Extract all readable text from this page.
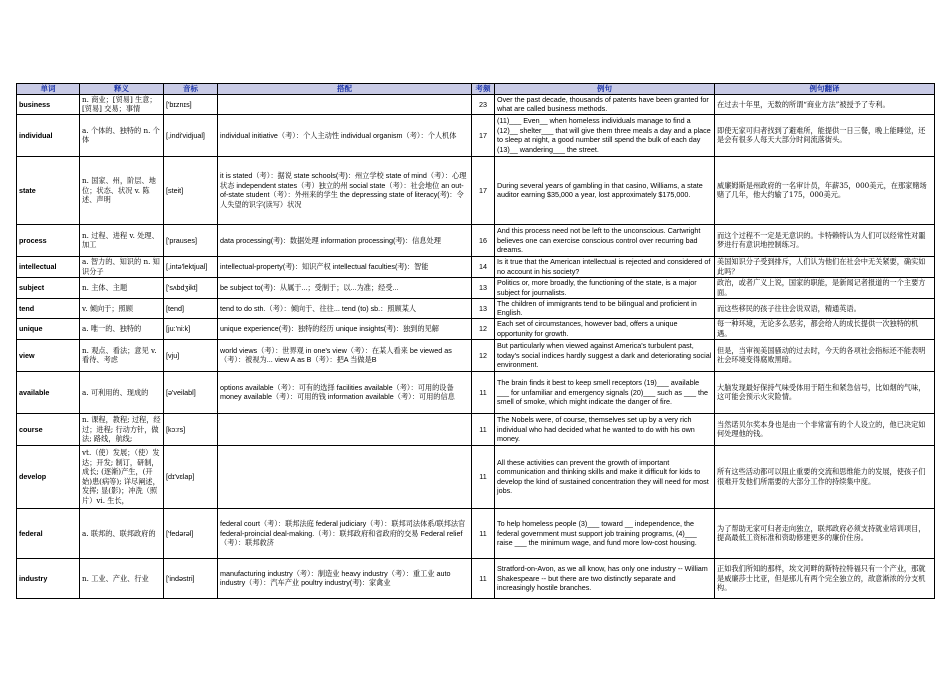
单词	释义	音标	搭配	考频	例句	例句翻译
business	n. 商业；[贸易] 生意；[贸易] 交易；事情	['bɪznɪs]		23	Over the past decade, thousands of patents have been granted for what are called business methods.	在过去十年里，无数的所谓“商业方法”被授予了专利。
individual	a. 个体的、独特的 n. 个体	[,indi'vidjual]	individual initiative（考）：个人主动性 individual organism（考）：个人机体	17	(11)___ Even__ when homeless individuals manage to find a (12)__ shelter___ that will give them three meals a day and a place to sleep at night, a good number still spend the bulk of each day (13)__ wandering___ the street.	即使无家可归者找到了避难所，能提供一日三餐，晚上能睡觉，还是会有很多人每天大部分时间流落街头。
state	n. 国家、州，阶层、地位；状态、状况 v. 陈述、声明	[steit]	it is stated（考）：据说 state schools(考)：州立学校 state of mind（考）：心理状态 independent states（考）独立的州 social state（考）：社会地位 an out-of-state student（考）：外州来的学生 the depressing state of literacy(考)：令人失望的识字(读写）状况	17	During several years of gambling in that casino, Williams, a state auditor earning $35,000 a year, lost approximately $175,000.	威廉姆斯是州政府的一名审计员，年薪35，000美元，在那家赌场赌了几年，他大约输了175，000美元。
process	n. 过程、进程 v. 处理、加工	['prauses]	data processing(考)：数据处理 information processing(考)：信息处理	16	And this process need not be left to the unconscious. Cartwright believes one can exercise conscious control over recurring bad dreams.	而这个过程不一定是无意识的。卡特赖特认为人们可以经常性对噩梦进行有意识地控制练习。
intellectual	a. 智力的、知识的 n. 知识分子	[,intə'lektjual]	intellectual-property(考)：知识产权 intellectual faculties(考)：智能	14	Is it true that the American intellectual is rejected and considered of no account in his society?	美国知识分子受到排斥，人们认为他们在社会中无关紧要，确实如此吗？
subject	n. 主体、主题	['sʌbdʒikt]	be subject to(考)：从属于...；受制于；以...为准；经受...	13	Politics or, more broadly, the functioning of the state, is a major subject for journalists.	政治，或者广义上说，国家的职能，是新闻记者报道的一个主要方面。
tend	v. 倾向于；照顾	[tend]	tend to do sth.（考）：倾向于、往往... tend (to) sb.：照顾某人	13	The children of immigrants tend to be bilingual and proficient in English.	而这些移民的孩子往往会说双语，精通英语。
unique	a. 唯一的、独特的	[ju:'ni:k]	unique experience(考)：独特的经历 unique insights(考)：独到的见解	12	Each set of circumstances, however bad, offers a unique opportunity for growth.	每一种环境，无论多么恶劣，都会给人的成长提供一次独特的机遇。
view	n. 观点、看法；意见 v. 看待、考虑	[vju]	world views（考）：世界观 in one's view（考）：在某人看来 be viewed as（考）：被视为... view A as B（考）：把A 当做是B	12	But particularly when viewed against America's turbulent past, today's social indices hardly suggest a dark and deteriorating social environment.	但是，当审视美国骚动的过去时，今天的各项社会指标还不能表明社会环境变得腐败黑暗。
available	a. 可利用的、现成的	[ə'veilabl]	options available（考）：可有的选择 facilities available（考）：可用的设备 money available（考）：可用的钱 information available（考）：可用的信息	11	The brain finds it best to keep smell receptors (19)___ available ___ for unfamiliar and emergency signals (20)___ such as ___ the smell of smoke, which might indicate the danger of fire.	大脑发现最好保持气味受体用于陌生和紧急信号，比如烟的气味，这可能会预示火灾险情。
course	n. 课程，教程; 过程，经过；进程; 行动方针，做法; 路线，航线;	[kɔ:rs]		11	The Nobels were, of course, themselves set up by a very rich individual who had decided what he wanted to do with his own money.	当然诺贝尔奖本身也是由一个非常富有的个人设立的，他已决定如何处理他的钱。
develop	vt.（使）发展；（使）发达；开发; 制订，研制，成长; (逐渐)产生，(开始)患(病等); 详尽阐述，发挥; 显(影)；冲洗（照片）vi. 生长，	[dɪ'vɛlap]		11	All these activities can prevent the growth of important communication and thinking skills and make it difficult for kids to develop the kind of sustained concentration they will need for most jobs.	所有这些活动都可以阻止重要的交流和思维能力的发展，使孩子们很难开发他们所需要的大部分工作的持续集中度。
federal	a. 联邦的、联邦政府的	['fedərəl]	federal court（考）：联邦法庭 federal judiciary（考）：联邦司法体系/联邦法官 federal-proincial deal-making.（考）：联邦政府和省政府的交易 Federal relief（考）：联邦救济	11	To help homeless people (3)___ toward __ independence, the federal government must support job training programs, (4)___ raise ___ the minimum wage, and fund more low-cost housing.	为了帮助无家可归者走向独立，联邦政府必须支持就业培训项目，提高最低工资标准和资助修建更多的廉价住房。
industry	n. 工业、产业、行业	['indəstri]	manufacturing industry（考）：制造业 heavy industry（考）：重工业 auto industry（考）：汽车产业 poultry industry(考)：家禽业	11	Stratford-on-Avon, as we all know, has only one industry -- William Shakespeare -- but there are two distinctly separate and increasingly hostile branches.	正如我们所知的那样，埃文河畔的斯特拉特福只有一个产业，那就是威廉莎士比亚，但是那儿有两个完全独立的，敌意渐浓的分支机构。
